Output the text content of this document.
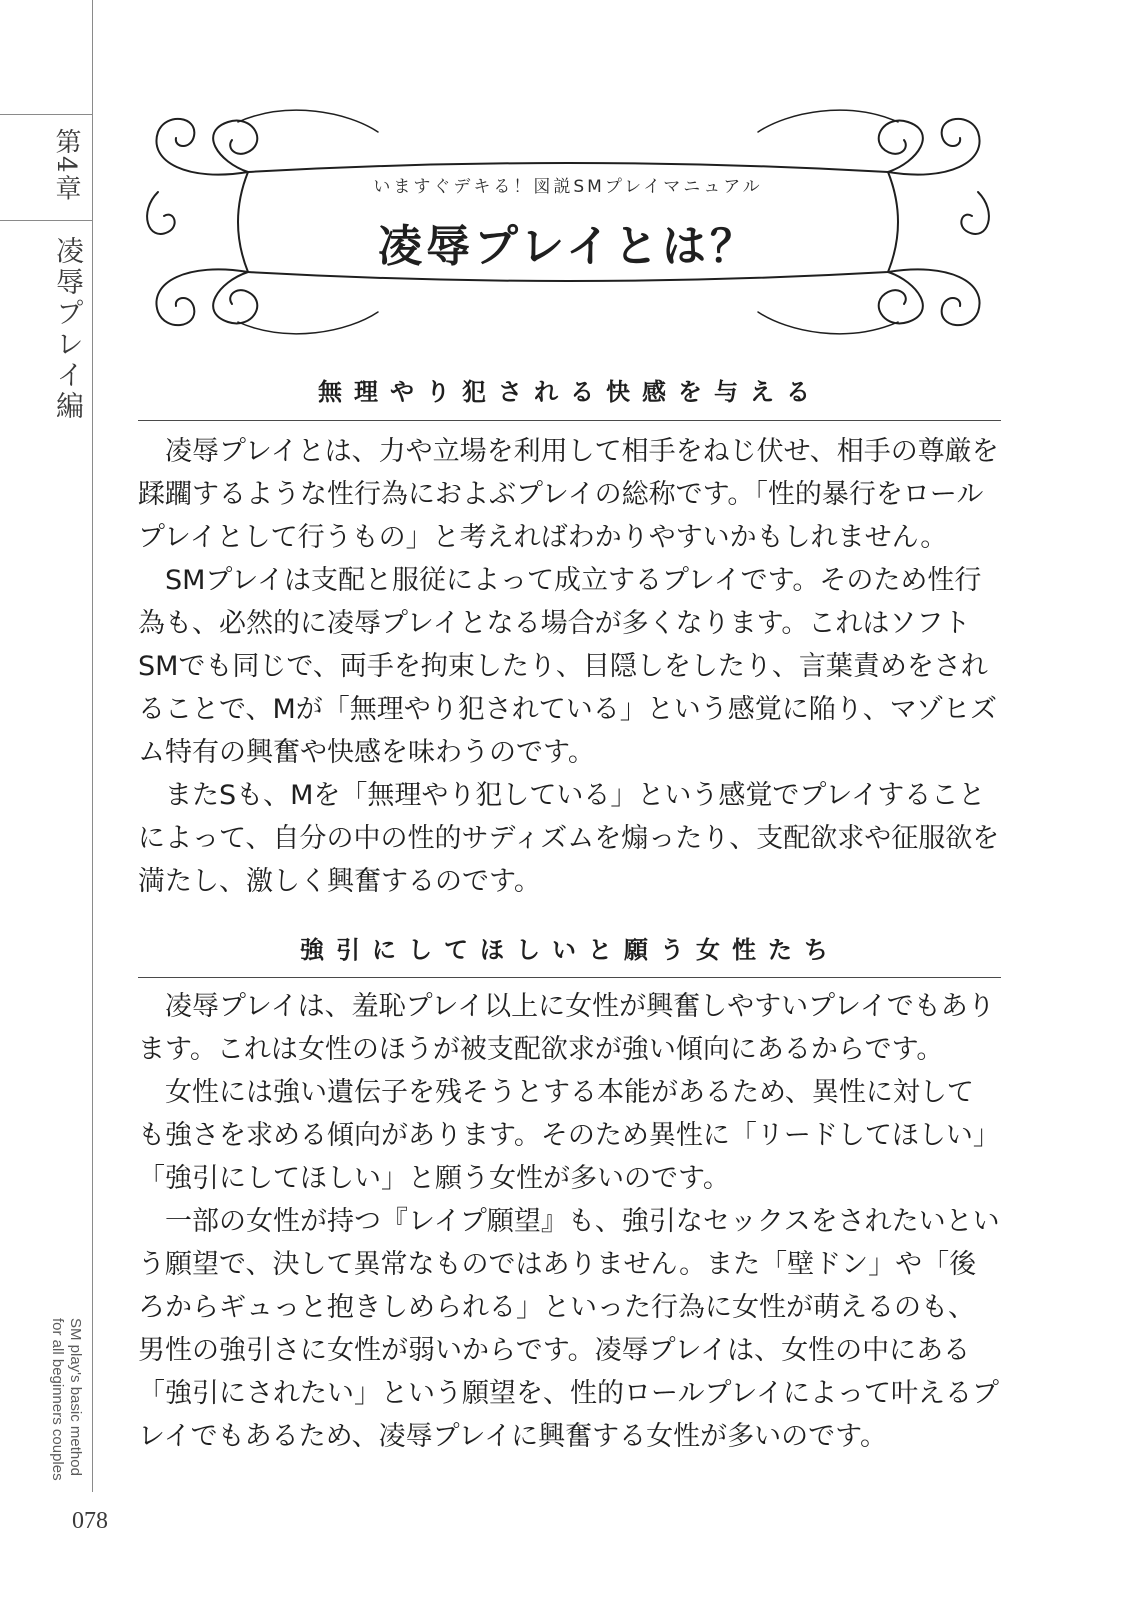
第4章
凌辱プレイ編
SM play's basic method
for all beginners couples
078
いますぐデキる！図説SMプレイマニュアル
凌辱プレイとは？
無理やり犯される快感を与える

凌辱プレイとは、力や立場を利用して相手をねじ伏せ、相手の尊厳を蹂躙するような性行為におよぶプレイの総称です。「性的暴行をロールプレイとして行うもの」と考えればわかりやすいかもしれません。

SMプレイは支配と服従によって成立するプレイです。そのため性行為も、必然的に凌辱プレイとなる場合が多くなります。これはソフトSMでも同じで、両手を拘束したり、目隠しをしたり、言葉責めをされることで、Mが「無理やり犯されている」という感覚に陥り、マゾヒズム特有の興奮や快感を味わうのです。

またSも、Mを「無理やり犯している」という感覚でプレイすることによって、自分の中の性的サディズムを煽ったり、支配欲求や征服欲を満たし、激しく興奮するのです。

強引にしてほしいと願う女性たち

凌辱プレイは、羞恥プレイ以上に女性が興奮しやすいプレイでもあります。これは女性のほうが被支配欲求が強い傾向にあるからです。

女性には強い遺伝子を残そうとする本能があるため、異性に対しても強さを求める傾向があります。そのため異性に「リードしてほしい」「強引にしてほしい」と願う女性が多いのです。

一部の女性が持つ『レイプ願望』も、強引なセックスをされたいという願望で、決して異常なものではありません。また「壁ドン」や「後ろからギュっと抱きしめられる」といった行為に女性が萌えるのも、男性の強引さに女性が弱いからです。凌辱プレイは、女性の中にある「強引にされたい」という願望を、性的ロールプレイによって叶えるプレイでもあるため、凌辱プレイに興奮する女性が多いのです。
